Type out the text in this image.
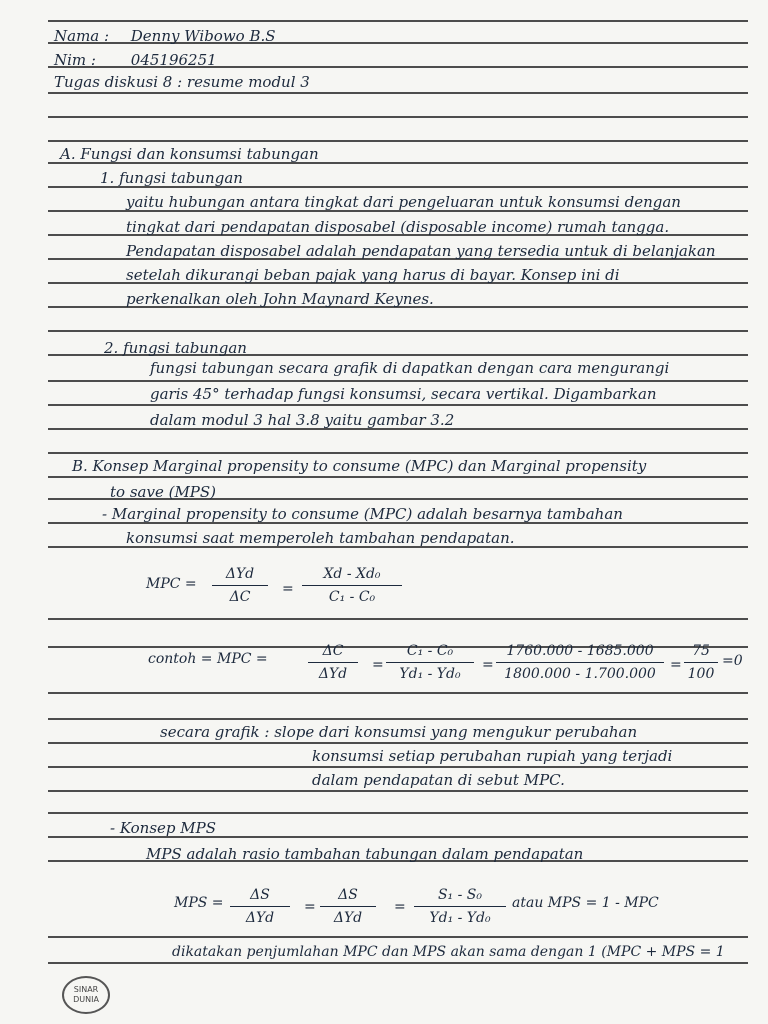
Nama : Denny Wibowo B.S
Nim : 045196251
Tugas diskusi 8 : resume modul 3
A. Fungsi dan konsumsi tabungan
1. fungsi tabungan
yaitu hubungan antara tingkat dari pengeluaran untuk konsumsi dengan
tingkat dari pendapatan disposabel (disposable income) rumah tangga.
Pendapatan disposabel adalah pendapatan yang tersedia untuk di belanjakan
setelah dikurangi beban pajak yang harus di bayar. Konsep ini di
perkenalkan oleh John Maynard Keynes.
2. fungsi tabungan
fungsi tabungan secara grafik di dapatkan dengan cara mengurangi
garis 45° terhadap fungsi konsumsi, secara vertikal. Digambarkan
dalam modul 3 hal 3.8 yaitu gambar 3.2
B. Konsep Marginal propensity to consume (MPC) dan Marginal propensity
to save (MPS)
- Marginal propensity to consume (MPC) adalah besarnya tambahan
konsumsi saat memperoleh tambahan pendapatan.
MPC =
ΔYd
ΔC	= $\frac{\text{Xd - Xd₀}}{\text{C₁ - C₀}}$
contoh = MPC =	ΔC
ΔYd
= $\frac{\text{C₁ - C₀}}{\text{Yd₁ - Yd₀}} = \frac{1760.000 - 1685.000}{1800.000 - 1.700.000} = \frac{75}{100} =0$
secara grafik : slope dari konsumsi yang mengukur perubahan
konsumsi setiap perubahan rupiah yang terjadi
dalam pendapatan di sebut MPC.
- Konsep MPS
MPS adalah rasio tambahan tabungan dalam pendapatan
MPS =	ΔS
ΔYd
=
ΔS
ΔYd
= $\frac{\text{S₁ - S₀}}{\text{Yd₁ - Yd₀}}$ atau MPS = 1 - MPC
dikatakan penjumlahan MPC dan MPS akan sama dengan 1 (MPC + MPS = 1
SINAR
DUNIA
